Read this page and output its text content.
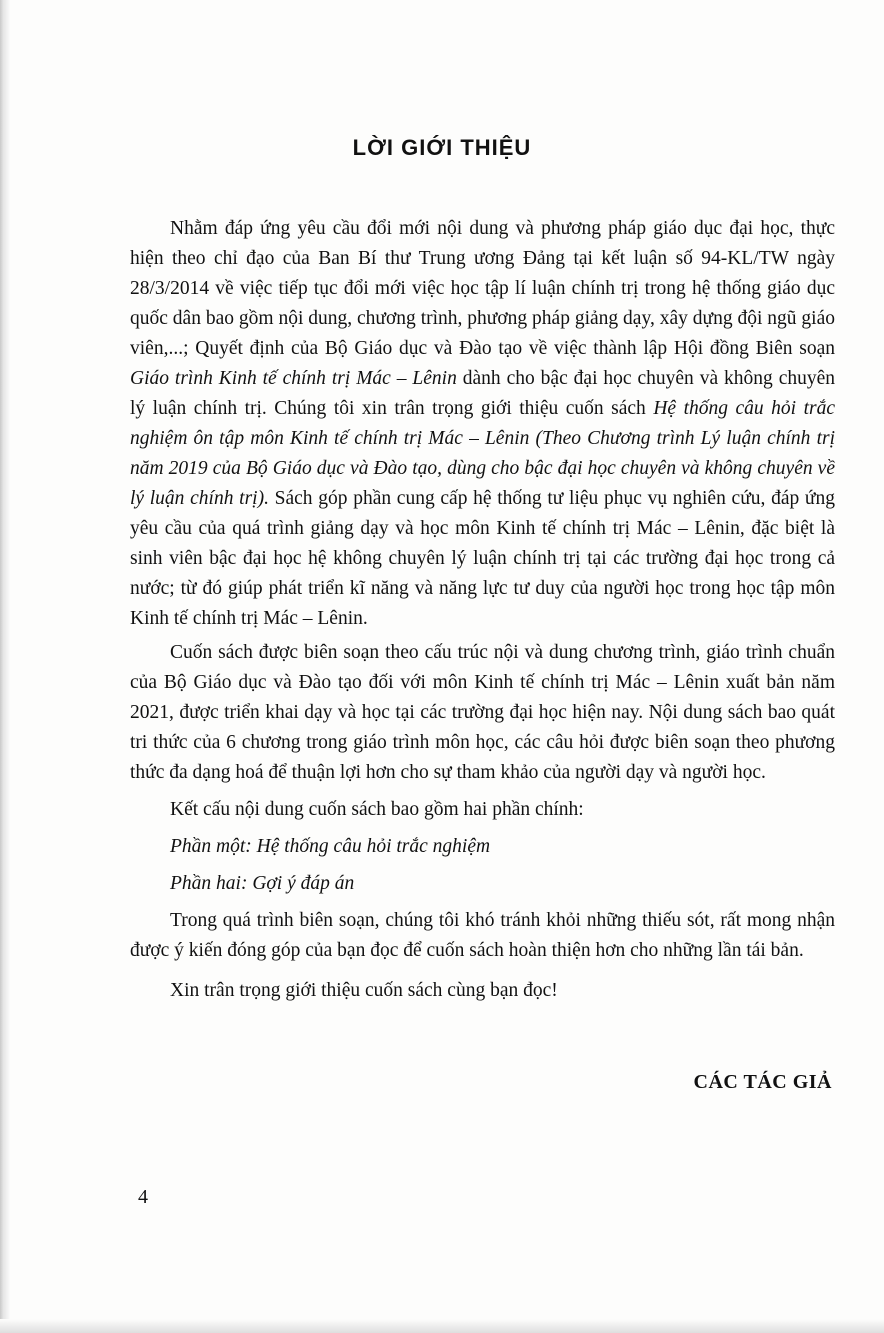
LỜI GIỚI THIỆU

Nhằm đáp ứng yêu cầu đổi mới nội dung và phương pháp giáo dục đại học, thực hiện theo chỉ đạo của Ban Bí thư Trung ương Đảng tại kết luận số 94-KL/TW ngày 28/3/2014 về việc tiếp tục đổi mới việc học tập lí luận chính trị trong hệ thống giáo dục quốc dân bao gồm nội dung, chương trình, phương pháp giảng dạy, xây dựng đội ngũ giáo viên,...; Quyết định của Bộ Giáo dục và Đào tạo về việc thành lập Hội đồng Biên soạn Giáo trình Kinh tế chính trị Mác – Lênin dành cho bậc đại học chuyên và không chuyên lý luận chính trị. Chúng tôi xin trân trọng giới thiệu cuốn sách Hệ thống câu hỏi trắc nghiệm ôn tập môn Kinh tế chính trị Mác – Lênin (Theo Chương trình Lý luận chính trị năm 2019 của Bộ Giáo dục và Đào tạo, dùng cho bậc đại học chuyên và không chuyên về lý luận chính trị). Sách góp phần cung cấp hệ thống tư liệu phục vụ nghiên cứu, đáp ứng yêu cầu của quá trình giảng dạy và học môn Kinh tế chính trị Mác – Lênin, đặc biệt là sinh viên bậc đại học hệ không chuyên lý luận chính trị tại các trường đại học trong cả nước; từ đó giúp phát triển kĩ năng và năng lực tư duy của người học trong học tập môn Kinh tế chính trị Mác – Lênin.

Cuốn sách được biên soạn theo cấu trúc nội và dung chương trình, giáo trình chuẩn của Bộ Giáo dục và Đào tạo đối với môn Kinh tế chính trị Mác – Lênin xuất bản năm 2021, được triển khai dạy và học tại các trường đại học hiện nay. Nội dung sách bao quát tri thức của 6 chương trong giáo trình môn học, các câu hỏi được biên soạn theo phương thức đa dạng hoá để thuận lợi hơn cho sự tham khảo của người dạy và người học.

Kết cấu nội dung cuốn sách bao gồm hai phần chính:

Phần một: Hệ thống câu hỏi trắc nghiệm

Phần hai: Gợi ý đáp án

Trong quá trình biên soạn, chúng tôi khó tránh khỏi những thiếu sót, rất mong nhận được ý kiến đóng góp của bạn đọc để cuốn sách hoàn thiện hơn cho những lần tái bản.

Xin trân trọng giới thiệu cuốn sách cùng bạn đọc!

CÁC TÁC GIẢ
4
